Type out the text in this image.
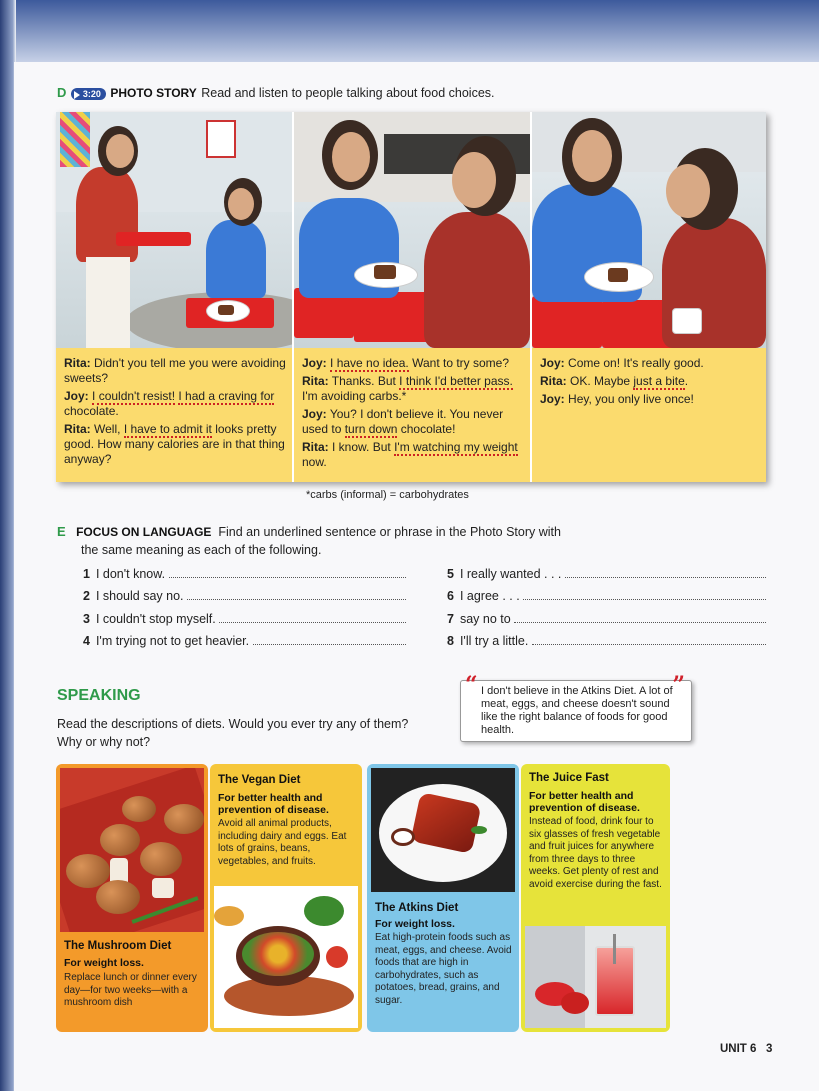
D 3:20 PHOTO STORY Read and listen to people talking about food choices.
Rita: Didn't you tell me you were avoiding sweets?
Joy: I couldn't resist! I had a craving for chocolate.
Rita: Well, I have to admit it looks pretty good. How many calories are in that thing anyway?
Joy: I have no idea. Want to try some?
Rita: Thanks. But I think I'd better pass. I'm avoiding carbs.*
Joy: You? I don't believe it. You never used to turn down chocolate!
Rita: I know. But I'm watching my weight now.
Joy: Come on! It's really good.
Rita: OK. Maybe just a bite.
Joy: Hey, you only live once!
*carbs (informal) = carbohydrates
E FOCUS ON LANGUAGE Find an underlined sentence or phrase in the Photo Story with
the same meaning as each of the following.
1 I don't know.
2 I should say no.
3 I couldn't stop myself.
4 I'm trying not to get heavier.
5 I really wanted . . .
6 I agree . . .
7 say no to
8 I'll try a little.
SPEAKING
Read the descriptions of diets. Would you ever try any of them?
Why or why not?
“	”
I don't believe in the Atkins Diet. A lot of meat, eggs, and cheese doesn't sound like the right balance of foods for good health.
The Mushroom Diet
For weight loss.
Replace lunch or dinner every day—for two weeks—with a mushroom dish
The Vegan Diet
For better health and prevention of disease.
Avoid all animal products, including dairy and eggs. Eat lots of grains, beans, vegetables, and fruits.
The Atkins Diet
For weight loss.
Eat high-protein foods such as meat, eggs, and cheese. Avoid foods that are high in carbohydrates, such as potatoes, bread, grains, and sugar.
The Juice Fast
For better health and prevention of disease.
Instead of food, drink four to six glasses of fresh vegetable and fruit juices for anywhere from three days to three weeks. Get plenty of rest and avoid exercise during the fast.
UNIT 6 3
